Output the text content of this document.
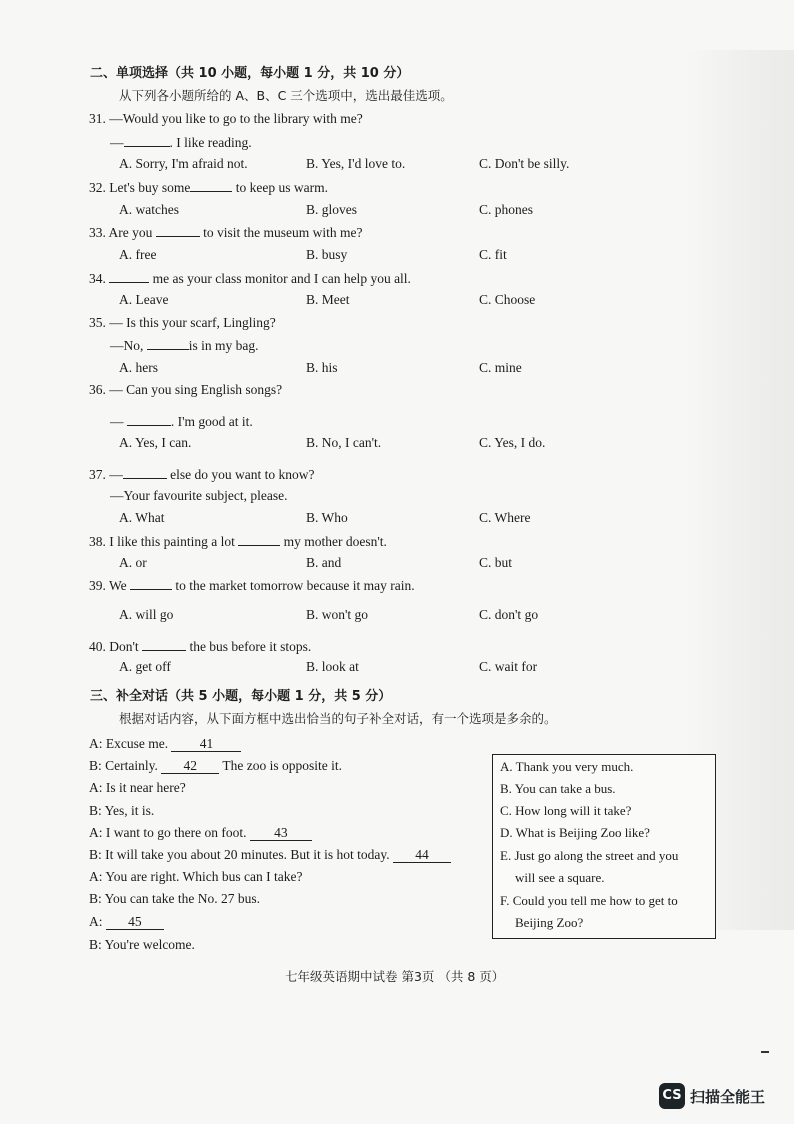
二、单项选择（共 10 小题，每小题 1 分，共 10 分）
从下列各小题所给的 A、B、C 三个选项中，选出最佳选项。
31. —Would you like to go to the library with me?
—	. I like reading.
A. Sorry, I'm afraid not.	B. Yes, I'd love to.	C. Don't be silly.
32. Let's buy some	to keep us warm.
A. watches	B. gloves	C. phones
33. Are you	to visit the museum with me?
A. free	B. busy	C. fit
34.	me as your class monitor and I can help you all.
A. Leave	B. Meet	C. Choose
35. — Is this your scarf, Lingling?
—No,	is in my bag.
A. hers	B. his	C. mine
36. — Can you sing English songs?
—	. I'm good at it.
A. Yes, I can.	B. No, I can't.	C. Yes, I do.
37. —	else do you want to know?
—Your favourite subject, please.
A. What	B. Who	C. Where
38. I like this painting a lot	my mother doesn't.
A. or	B. and	C. but
39. We	to the market tomorrow because it may rain.
A. will go	B. won't go	C. don't go
40. Don't	the bus before it stops.
A. get off	B. look at	C. wait for
三、补全对话（共 5 小题，每小题 1 分，共 5 分）
根据对话内容，从下面方框中选出恰当的句子补全对话，有一个选项是多余的。
A: Excuse me. 41
B: Certainly. 42 The zoo is opposite it.
A: Is it near here?
B: Yes, it is.
A: I want to go there on foot. 43
B: It will take you about 20 minutes. But it is hot today. 44
A: You are right. Which bus can I take?
B: You can take the No. 27 bus.
A: 45
B: You're welcome.
A. Thank you very much.
B. You can take a bus.
C. How long will it take?
D. What is Beijing Zoo like?
E. Just go along the street and you
will see a square.
F. Could you tell me how to get to
Beijing Zoo?
七年级英语期中试卷 第3页 （共 8 页）
CS 扫描全能王
